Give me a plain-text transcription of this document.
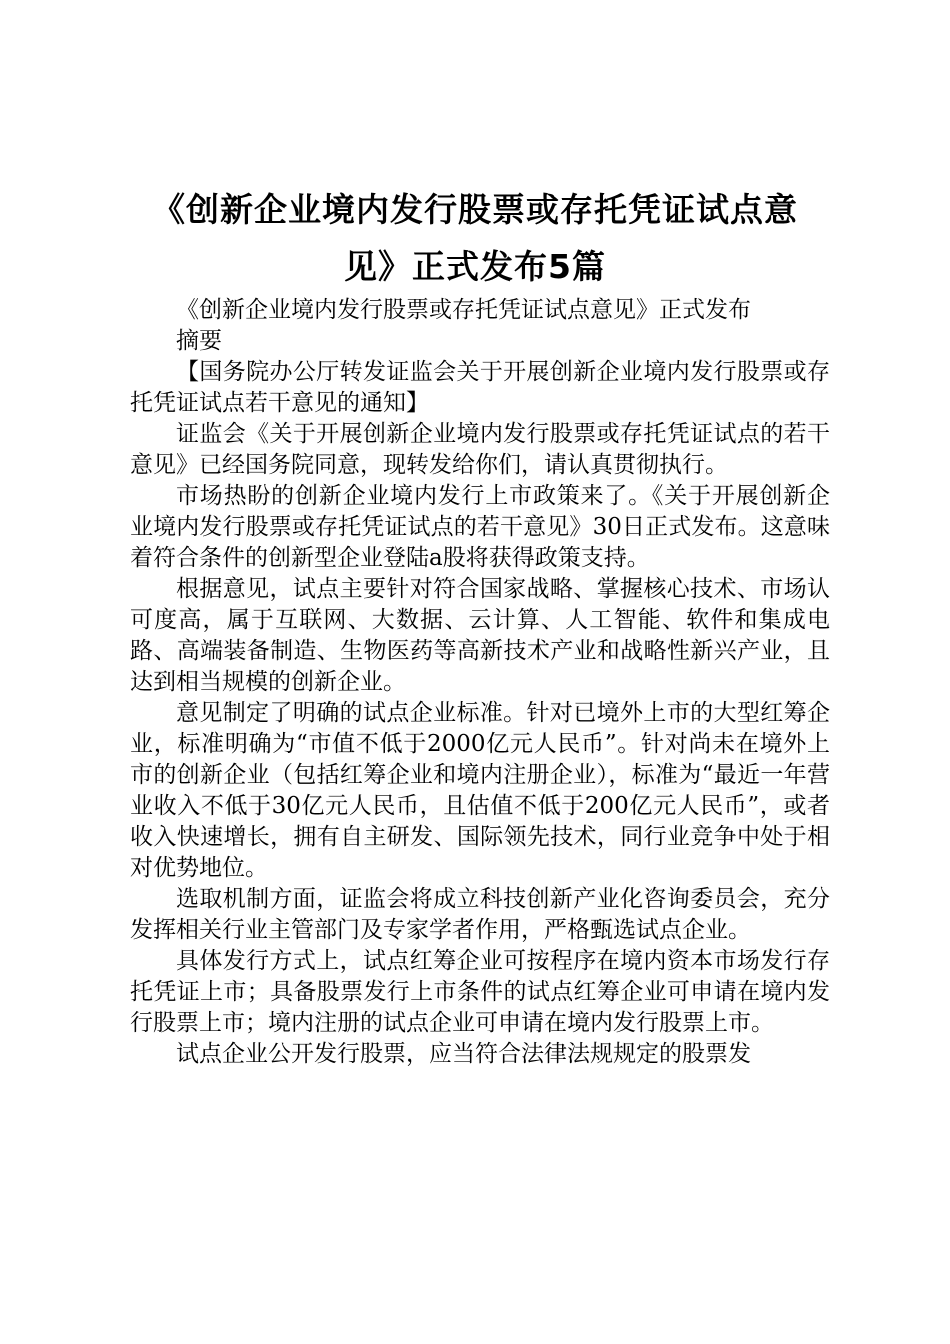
《创新企业境内发行股票或存托凭证试点意
见》正式发布5篇

《创新企业境内发行股票或存托凭证试点意见》正式发布

摘要

【国务院办公厅转发证监会关于开展创新企业境内发行股票或存托凭证试点若干意见的通知】

证监会《关于开展创新企业境内发行股票或存托凭证试点的若干意见》已经国务院同意，现转发给你们，请认真贯彻执行。

市场热盼的创新企业境内发行上市政策来了。《关于开展创新企业境内发行股票或存托凭证试点的若干意见》30日正式发布。这意味着符合条件的创新型企业登陆a股将获得政策支持。

根据意见，试点主要针对符合国家战略、掌握核心技术、市场认可度高，属于互联网、大数据、云计算、人工智能、软件和集成电路、高端装备制造、生物医药等高新技术产业和战略性新兴产业，且达到相当规模的创新企业。

意见制定了明确的试点企业标准。针对已境外上市的大型红筹企业，标准明确为“市值不低于2000亿元人民币”。针对尚未在境外上市的创新企业（包括红筹企业和境内注册企业），标准为“最近一年营业收入不低于30亿元人民币，且估值不低于200亿元人民币”，或者收入快速增长，拥有自主研发、国际领先技术，同行业竞争中处于相对优势地位。

选取机制方面，证监会将成立科技创新产业化咨询委员会，充分发挥相关行业主管部门及专家学者作用，严格甄选试点企业。

具体发行方式上，试点红筹企业可按程序在境内资本市场发行存托凭证上市；具备股票发行上市条件的试点红筹企业可申请在境内发行股票上市；境内注册的试点企业可申请在境内发行股票上市。

试点企业公开发行股票，应当符合法律法规规定的股票发
